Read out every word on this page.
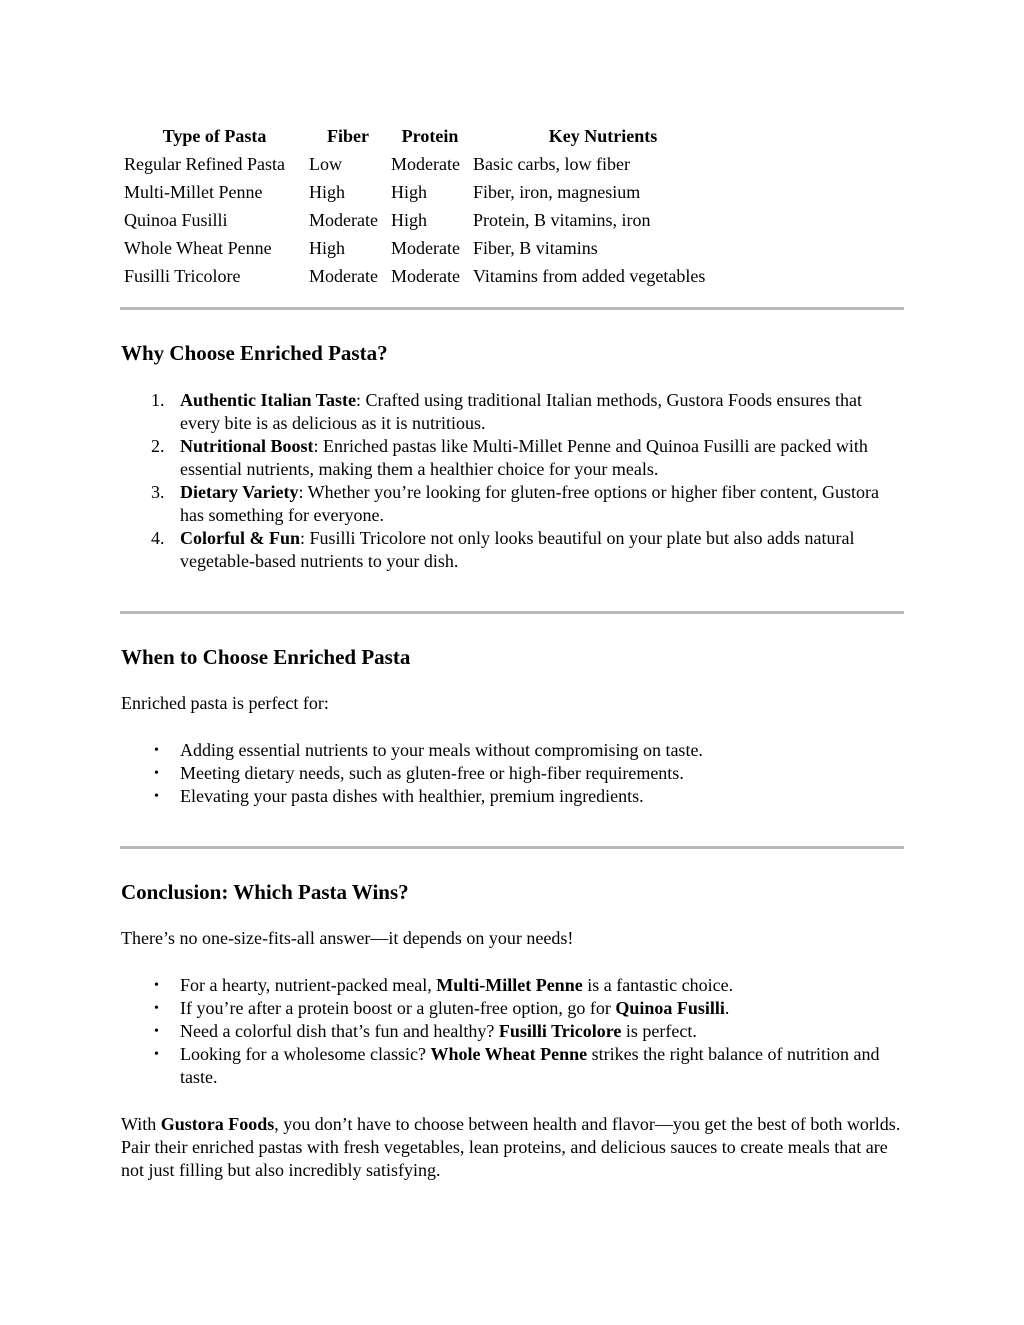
Type of Pasta	Fiber	Protein	Key Nutrients
Regular Refined Pasta	Low	Moderate	Basic carbs, low fiber
Multi-Millet Penne	High	High	Fiber, iron, magnesium
Quinoa Fusilli	Moderate	High	Protein, B vitamins, iron
Whole Wheat Penne	High	Moderate	Fiber, B vitamins
Fusilli Tricolore	Moderate	Moderate	Vitamins from added vegetables
Why Choose Enriched Pasta?
1. Authentic Italian Taste: Crafted using traditional Italian methods, Gustora Foods ensures that every bite is as delicious as it is nutritious.
2. Nutritional Boost: Enriched pastas like Multi-Millet Penne and Quinoa Fusilli are packed with essential nutrients, making them a healthier choice for your meals.
3. Dietary Variety: Whether you’re looking for gluten-free options or higher fiber content, Gustora has something for everyone.
4. Colorful & Fun: Fusilli Tricolore not only looks beautiful on your plate but also adds natural vegetable-based nutrients to your dish.
When to Choose Enriched Pasta

Enriched pasta is perfect for:

• Adding essential nutrients to your meals without compromising on taste.
• Meeting dietary needs, such as gluten-free or high-fiber requirements.
• Elevating your pasta dishes with healthier, premium ingredients.
Conclusion: Which Pasta Wins?

There’s no one-size-fits-all answer—it depends on your needs!

• For a hearty, nutrient-packed meal, Multi-Millet Penne is a fantastic choice.
• If you’re after a protein boost or a gluten-free option, go for Quinoa Fusilli.
• Need a colorful dish that’s fun and healthy? Fusilli Tricolore is perfect.
• Looking for a wholesome classic? Whole Wheat Penne strikes the right balance of nutrition and taste.

With Gustora Foods, you don’t have to choose between health and flavor—you get the best of both worlds. Pair their enriched pastas with fresh vegetables, lean proteins, and delicious sauces to create meals that are not just filling but also incredibly satisfying.
